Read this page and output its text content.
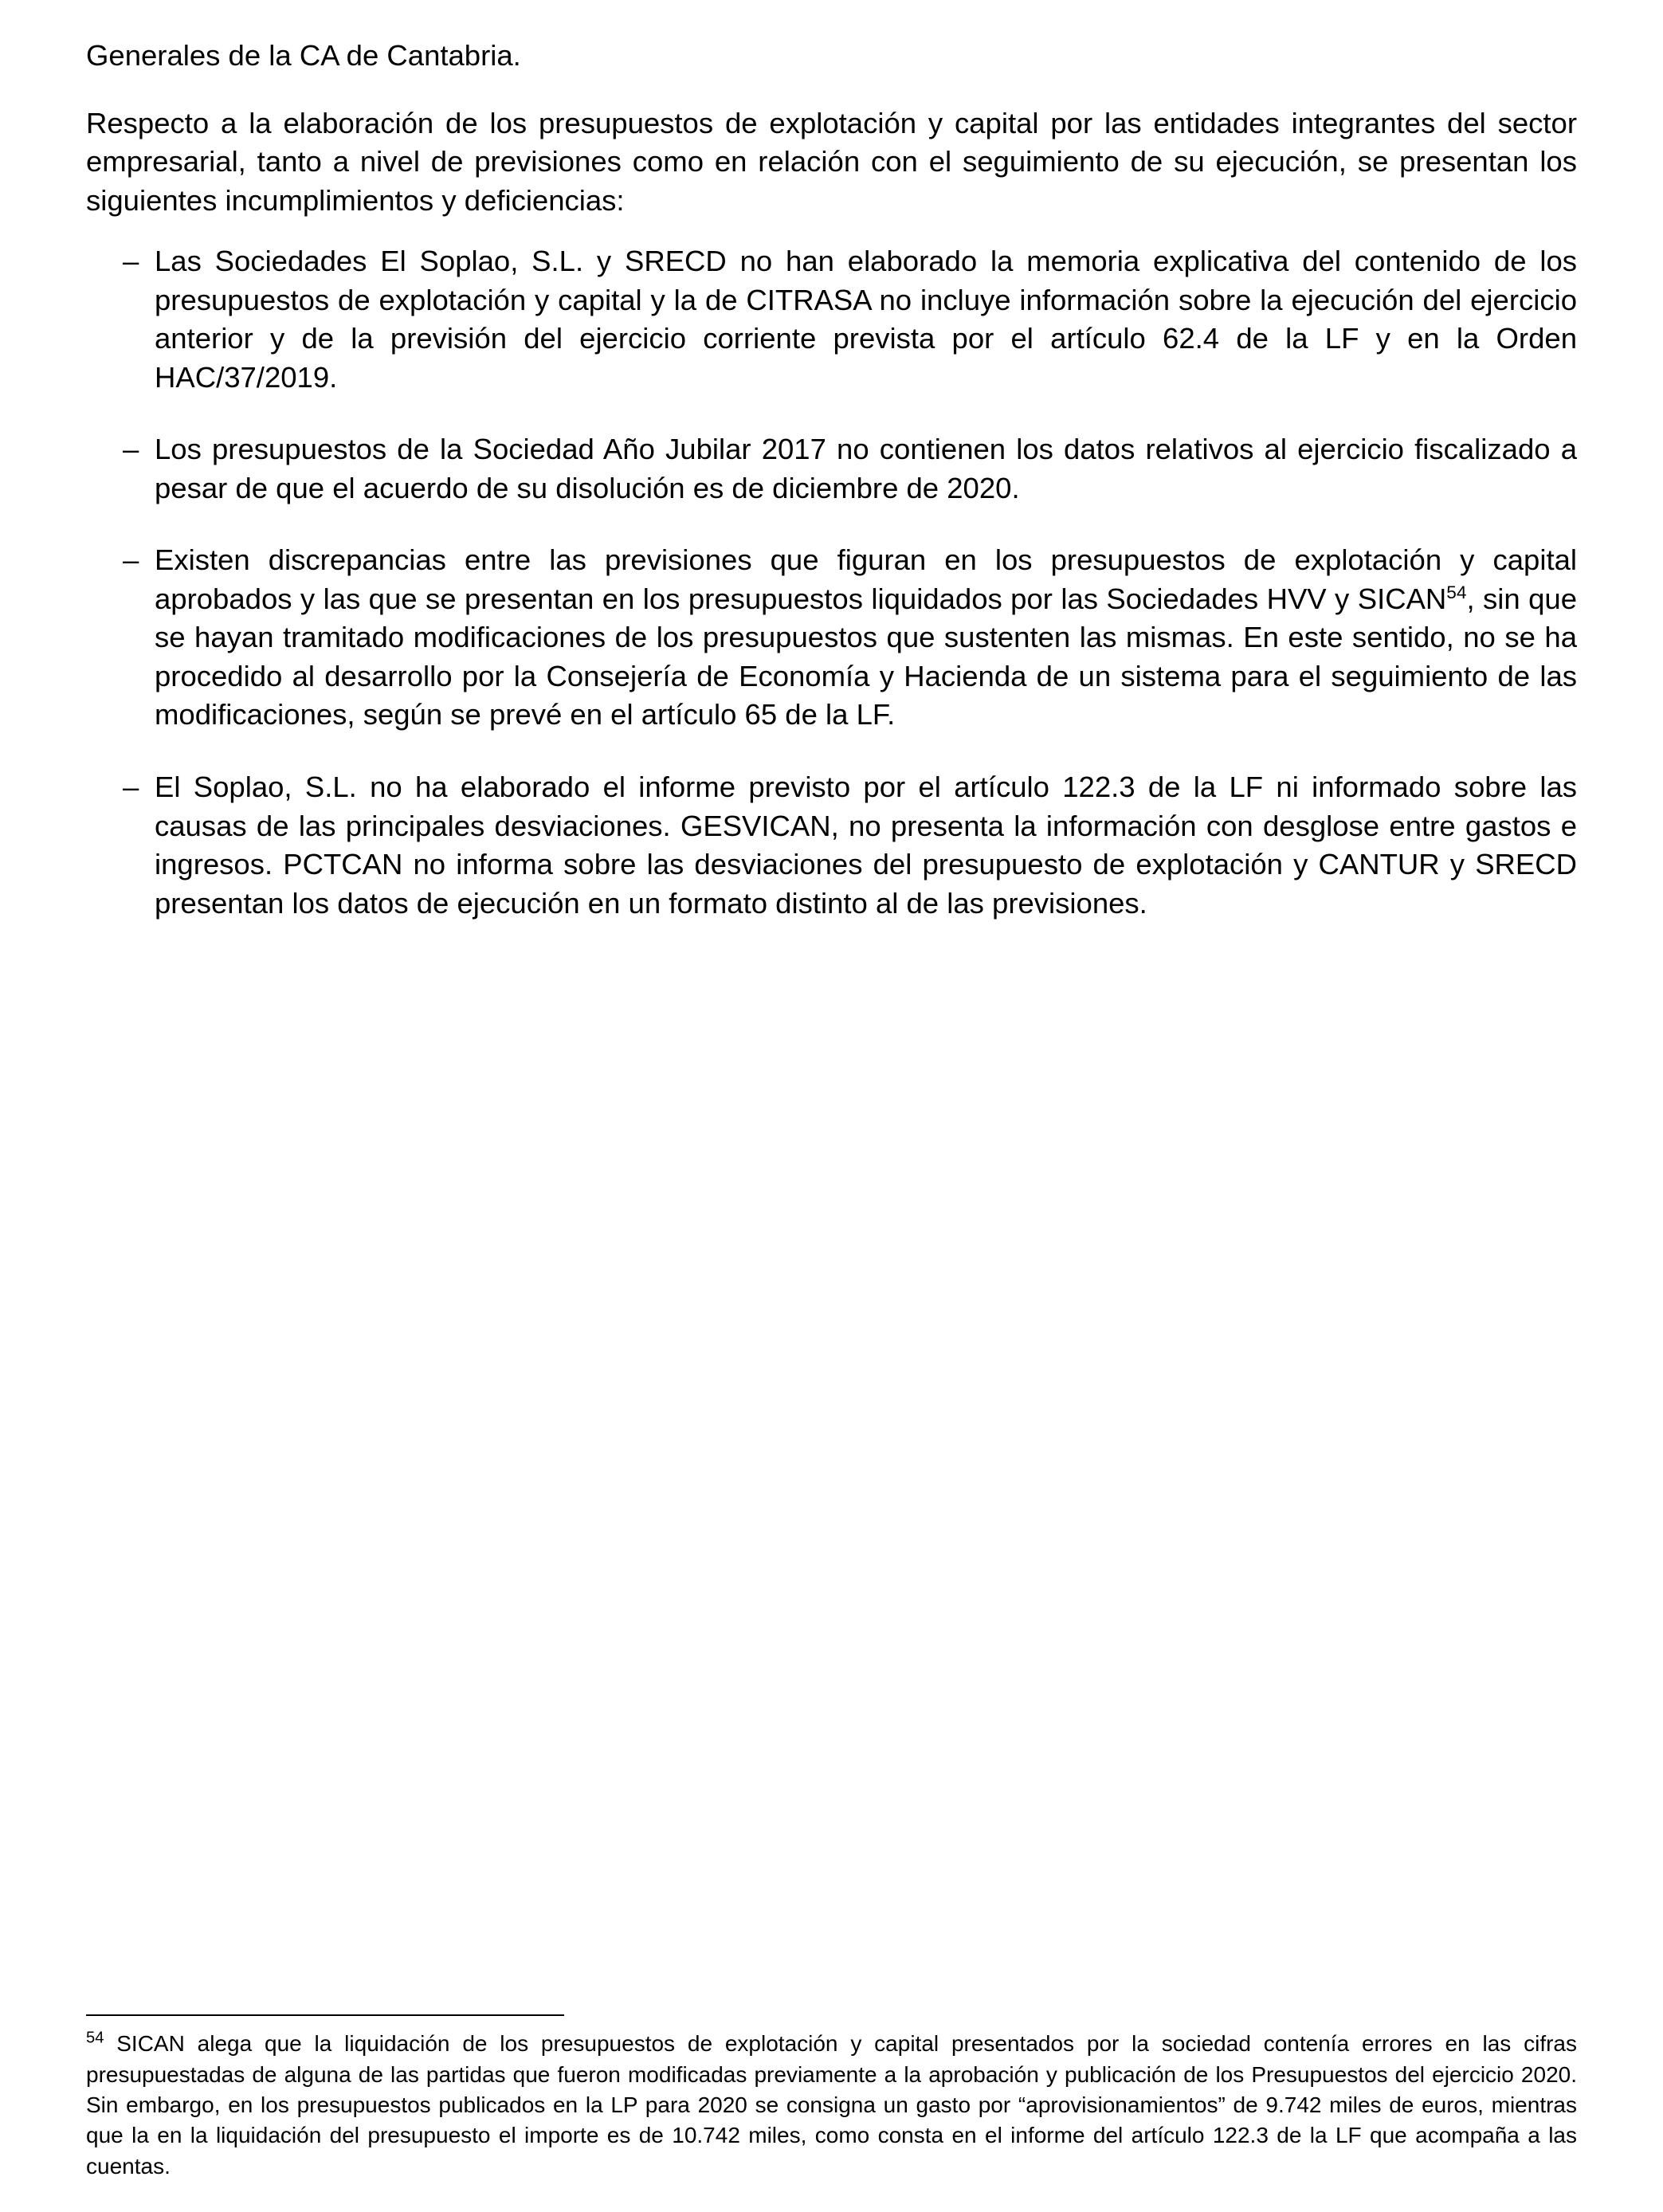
Generales de la CA de Cantabria.

Respecto a la elaboración de los presupuestos de explotación y capital por las entidades integrantes del sector empresarial, tanto a nivel de previsiones como en relación con el seguimiento de su ejecución, se presentan los siguientes incumplimientos y deficiencias:

– Las Sociedades El Soplao, S.L. y SRECD no han elaborado la memoria explicativa del contenido de los presupuestos de explotación y capital y la de CITRASA no incluye información sobre la ejecución del ejercicio anterior y de la previsión del ejercicio corriente prevista por el artículo 62.4 de la LF y en la Orden HAC/37/2019.
– Los presupuestos de la Sociedad Año Jubilar 2017 no contienen los datos relativos al ejercicio fiscalizado a pesar de que el acuerdo de su disolución es de diciembre de 2020.
– Existen discrepancias entre las previsiones que figuran en los presupuestos de explotación y capital aprobados y las que se presentan en los presupuestos liquidados por las Sociedades HVV y SICAN$^{54}$, sin que se hayan tramitado modificaciones de los presupuestos que sustenten las mismas. En este sentido, no se ha procedido al desarrollo por la Consejería de Economía y Hacienda de un sistema para el seguimiento de las modificaciones, según se prevé en el artículo 65 de la LF.
– El Soplao, S.L. no ha elaborado el informe previsto por el artículo 122.3 de la LF ni informado sobre las causas de las principales desviaciones. GESVICAN, no presenta la información con desglose entre gastos e ingresos. PCTCAN no informa sobre las desviaciones del presupuesto de explotación y CANTUR y SRECD presentan los datos de ejecución en un formato distinto al de las previsiones.

$^{54}$ SICAN alega que la liquidación de los presupuestos de explotación y capital presentados por la sociedad contenía errores en las cifras presupuestadas de alguna de las partidas que fueron modificadas previamente a la aprobación y publicación de los Presupuestos del ejercicio 2020. Sin embargo, en los presupuestos publicados en la LP para 2020 se consigna un gasto por “aprovisionamientos” de 9.742 miles de euros, mientras que la en la liquidación del presupuesto el importe es de 10.742 miles, como consta en el informe del artículo 122.3 de la LF que acompaña a las cuentas.
